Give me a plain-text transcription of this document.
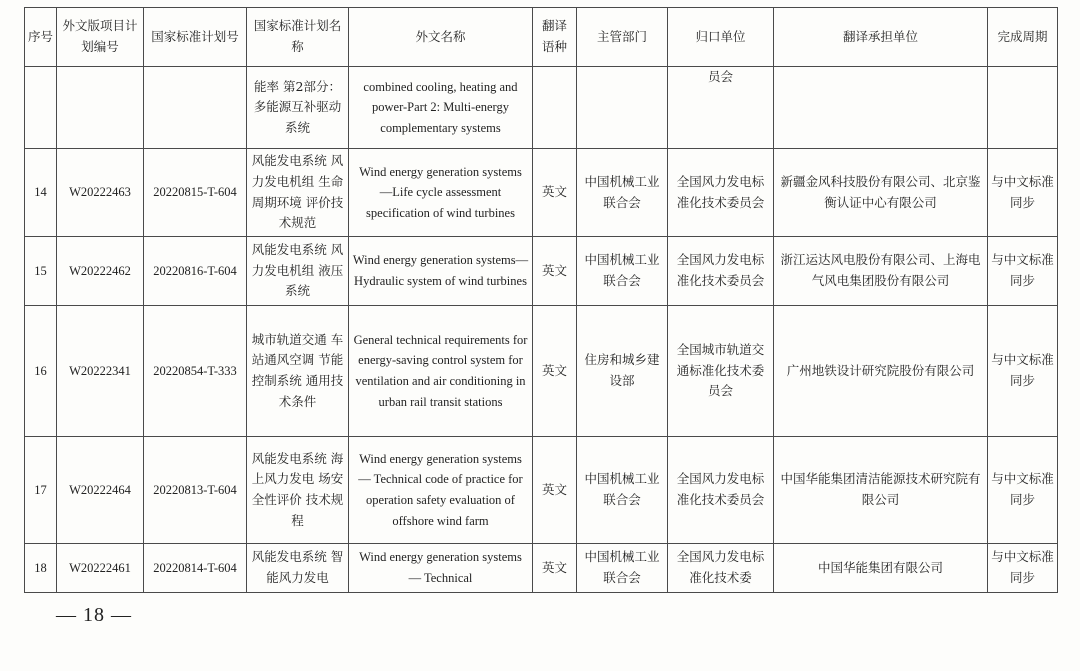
序号	外文版项目计划编号	国家标准计划号	国家标准计划名称	外文名称	翻译语种	主管部门	归口单位	翻译承担单位	完成周期
			能率 第2部分：多能源互补驱动系统	combined cooling, heating and power-Part 2: Multi-energy complementary systems			员会		
14	W20222463	20220815-T-604	风能发电系统 风力发电机组 生命周期环境 评价技术规范	Wind energy generation systems —Life cycle assessment specification of wind turbines	英文	中国机械工业联合会	全国风力发电标准化技术委员会	新疆金风科技股份有限公司、北京鉴衡认证中心有限公司	与中文标准同步
15	W20222462	20220816-T-604	风能发电系统 风力发电机组 液压系统	Wind energy generation systems—Hydraulic system of wind turbines	英文	中国机械工业联合会	全国风力发电标准化技术委员会	浙江运达风电股份有限公司、上海电气风电集团股份有限公司	与中文标准同步
16	W20222341	20220854-T-333	城市轨道交通 车站通风空调 节能控制系统 通用技术条件	General technical requirements for energy-saving control system for ventilation and air conditioning in urban rail transit stations	英文	住房和城乡建设部	全国城市轨道交通标准化技术委员会	广州地铁设计研究院股份有限公司	与中文标准同步
17	W20222464	20220813-T-604	风能发电系统 海上风力发电 场安全性评价 技术规程	Wind energy generation systems — Technical code of practice for operation safety evaluation of offshore wind farm	英文	中国机械工业联合会	全国风力发电标准化技术委员会	中国华能集团清洁能源技术研究院有限公司	与中文标准同步
18	W20222461	20220814-T-604	风能发电系统 智能风力发电	Wind energy generation systems — Technical	英文	中国机械工业联合会	全国风力发电标准化技术委	中国华能集团有限公司	与中文标准同步
— 18 —
